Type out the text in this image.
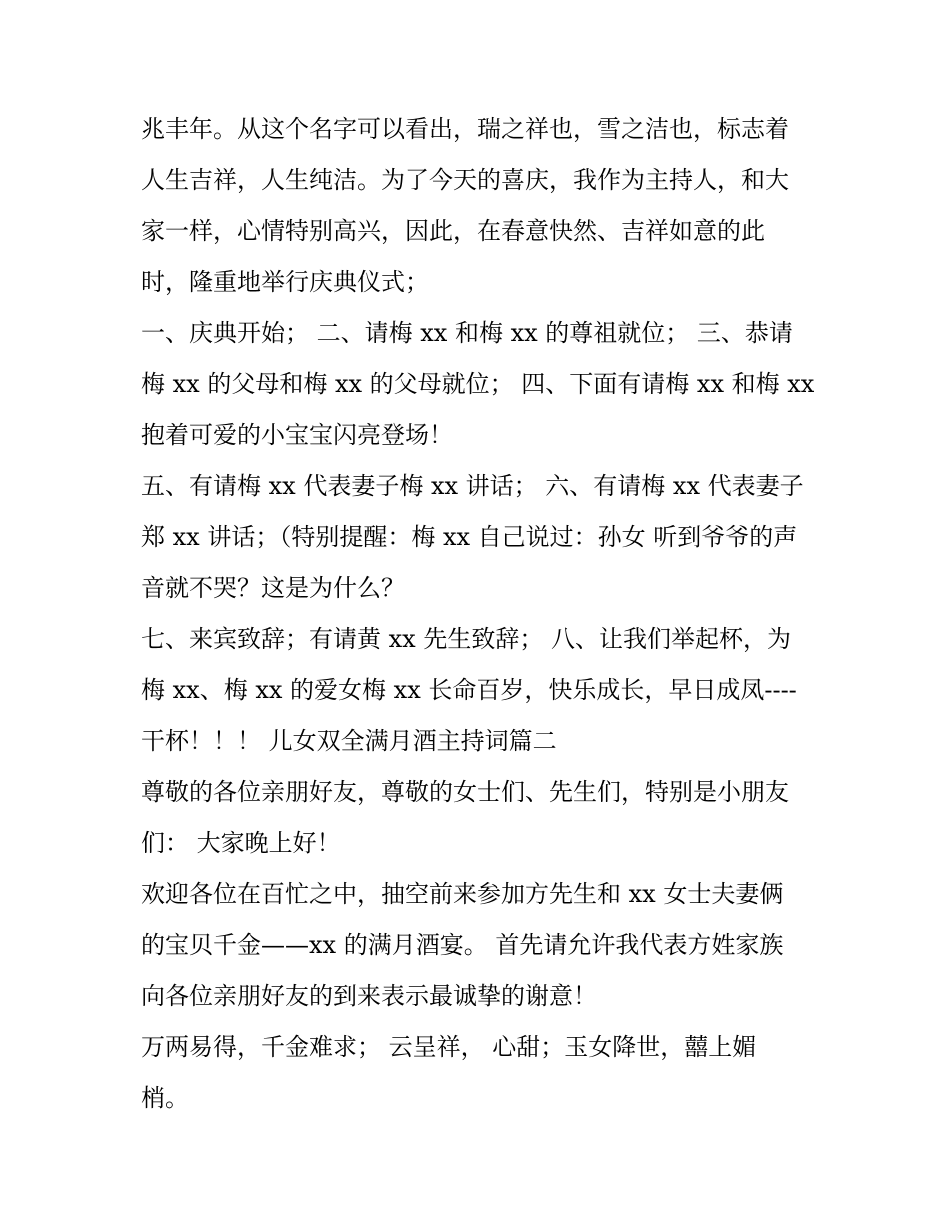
兆丰年。从这个名字可以看出，瑞之祥也，雪之洁也，标志着
人生吉祥，人生纯洁。为了今天的喜庆，我作为主持人，和大
家一样，心情特别高兴，因此，在春意快然、吉祥如意的此
时，隆重地举行庆典仪式；
一、庆典开始； 二、请梅 xx 和梅 xx 的尊祖就位； 三、恭请
梅 xx 的父母和梅 xx 的父母就位； 四、下面有请梅 xx 和梅 xx
抱着可爱的小宝宝闪亮登场！
五、有请梅 xx 代表妻子梅 xx 讲话； 六、有请梅 xx 代表妻子
郑 xx 讲话；（特别提醒：梅 xx 自己说过：孙女 听到爷爷的声
音就不哭？这是为什么？
七、来宾致辞；有请黄 xx 先生致辞； 八、让我们举起杯，为
梅 xx、梅 xx 的爱女梅 xx 长命百岁，快乐成长，早日成凤----
干杯！！！ 儿女双全满月酒主持词篇二
尊敬的各位亲朋好友，尊敬的女士们、先生们，特别是小朋友
们： 大家晚上好！
欢迎各位在百忙之中，抽空前来参加方先生和 xx 女士夫妻俩
的宝贝千金——xx 的满月酒宴。 首先请允许我代表方姓家族
向各位亲朋好友的到来表示最诚挚的谢意！
万两易得，千金难求； 云呈祥， 心甜；玉女降世，囍上媚
梢。
